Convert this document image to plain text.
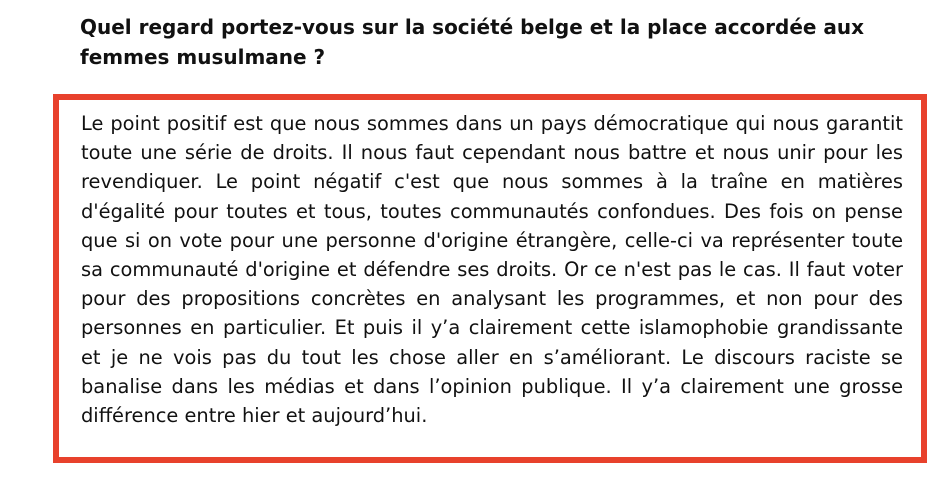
Quel regard portez-vous sur la société belge et la place accordée aux femmes musulmane ?

Le point positif est que nous sommes dans un pays démocratique qui nous garantit toute une série de droits. Il nous faut cependant nous battre et nous unir pour les revendiquer. Le point négatif c'est que nous sommes à la traîne en matières d'égalité pour toutes et tous, toutes communautés confondues. Des fois on pense que si on vote pour une personne d'origine étrangère, celle-ci va représenter toute sa communauté d'origine et défendre ses droits. Or ce n'est pas le cas. Il faut voter pour des propositions concrètes en analysant les programmes, et non pour des personnes en particulier. Et puis il y’a clairement cette islamophobie grandissante et je ne vois pas du tout les chose aller en s’améliorant. Le discours raciste se banalise dans les médias et dans l’opinion publique. Il y’a clairement une grosse différence entre hier et aujourd’hui.
